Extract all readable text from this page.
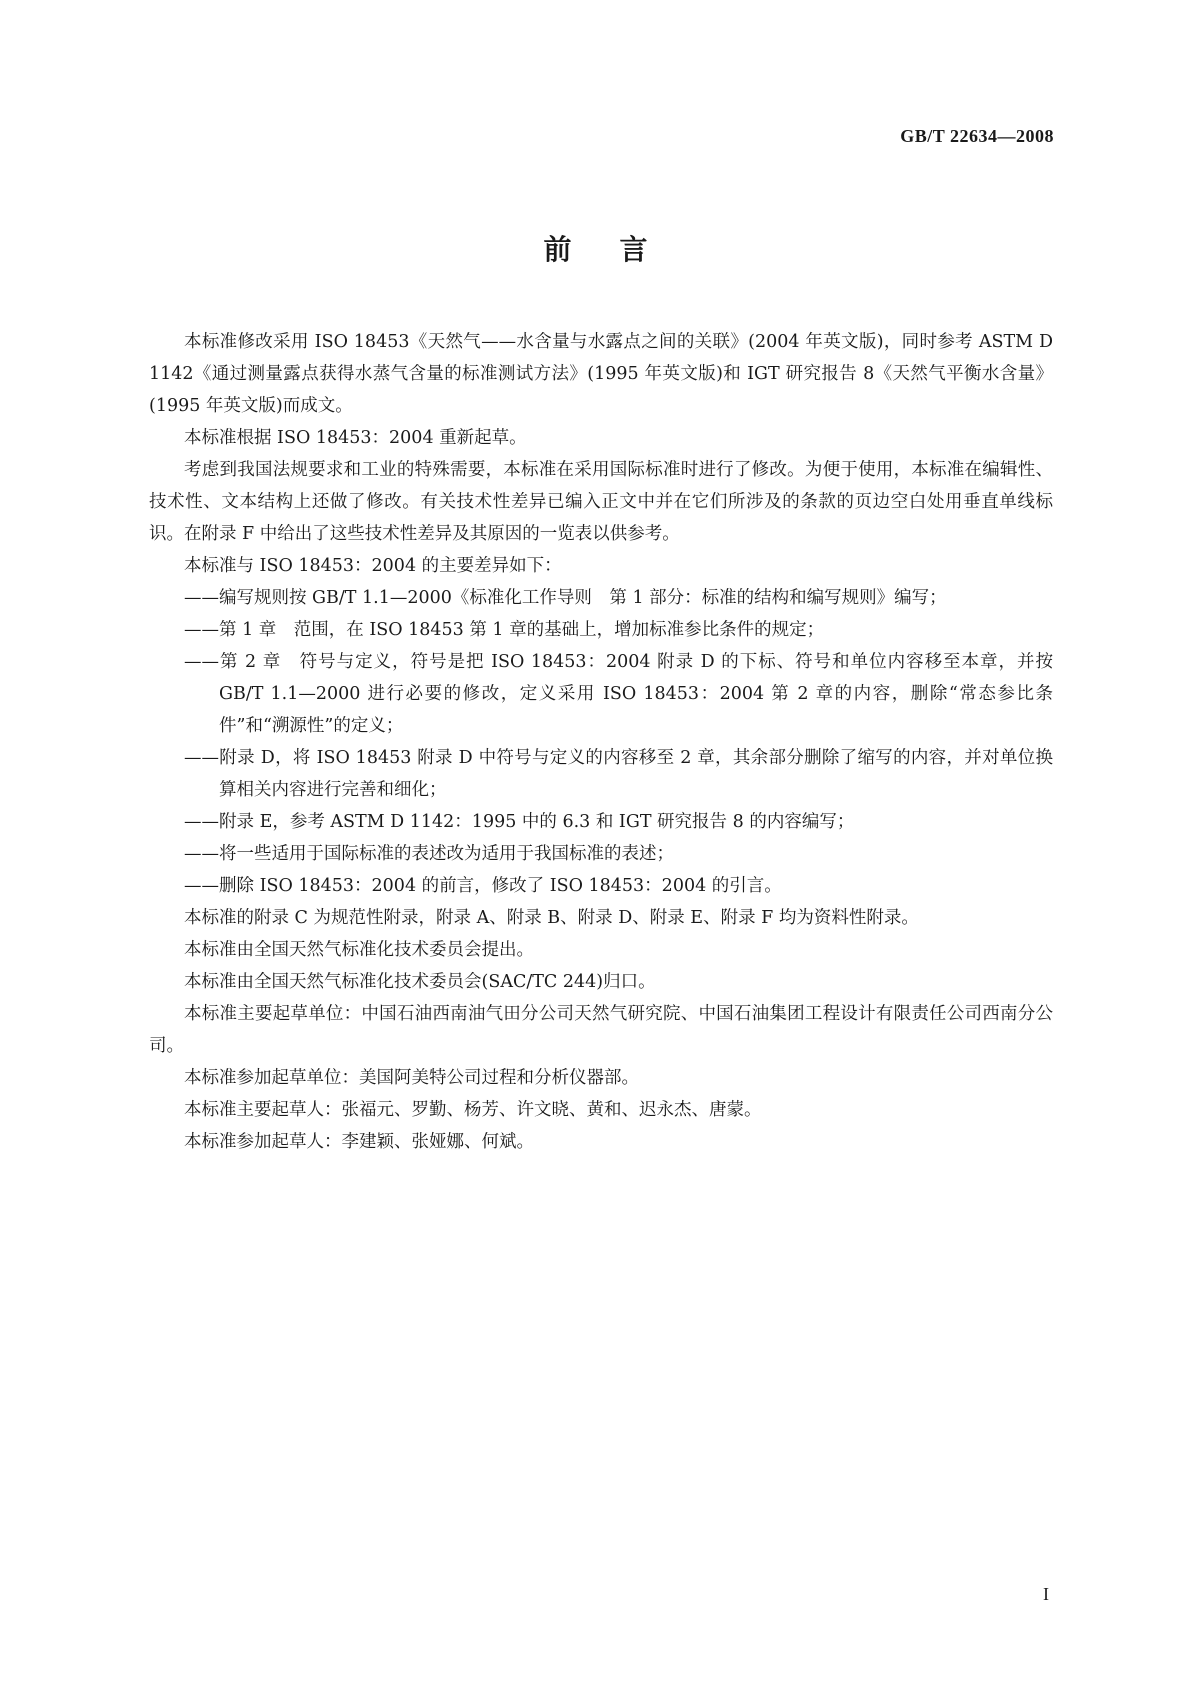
GB/T 22634—2008
前言

本标准修改采用 ISO 18453《天然气——水含量与水露点之间的关联》(2004 年英文版)，同时参考 ASTM D 1142《通过测量露点获得水蒸气含量的标准测试方法》(1995 年英文版)和 IGT 研究报告 8《天然气平衡水含量》(1995 年英文版)而成文。

本标准根据 ISO 18453：2004 重新起草。

考虑到我国法规要求和工业的特殊需要，本标准在采用国际标准时进行了修改。为便于使用，本标准在编辑性、技术性、文本结构上还做了修改。有关技术性差异已编入正文中并在它们所涉及的条款的页边空白处用垂直单线标识。在附录 F 中给出了这些技术性差异及其原因的一览表以供参考。

本标准与 ISO 18453：2004 的主要差异如下：

——编写规则按 GB/T 1.1—2000《标准化工作导则　第 1 部分：标准的结构和编写规则》编写；
——第 1 章　范围，在 ISO 18453 第 1 章的基础上，增加标准参比条件的规定；
——第 2 章　符号与定义，符号是把 ISO 18453：2004 附录 D 的下标、符号和单位内容移至本章，并按 GB/T 1.1—2000 进行必要的修改，定义采用 ISO 18453：2004 第 2 章的内容，删除“常态参比条件”和“溯源性”的定义；
——附录 D，将 ISO 18453 附录 D 中符号与定义的内容移至 2 章，其余部分删除了缩写的内容，并对单位换算相关内容进行完善和细化；
——附录 E，参考 ASTM D 1142：1995 中的 6.3 和 IGT 研究报告 8 的内容编写；
——将一些适用于国际标准的表述改为适用于我国标准的表述；
——删除 ISO 18453：2004 的前言，修改了 ISO 18453：2004 的引言。

本标准的附录 C 为规范性附录，附录 A、附录 B、附录 D、附录 E、附录 F 均为资料性附录。

本标准由全国天然气标准化技术委员会提出。

本标准由全国天然气标准化技术委员会(SAC/TC 244)归口。

本标准主要起草单位：中国石油西南油气田分公司天然气研究院、中国石油集团工程设计有限责任公司西南分公司。

本标准参加起草单位：美国阿美特公司过程和分析仪器部。

本标准主要起草人：张福元、罗勤、杨芳、许文晓、黄和、迟永杰、唐蒙。

本标准参加起草人：李建颖、张娅娜、何斌。

I
